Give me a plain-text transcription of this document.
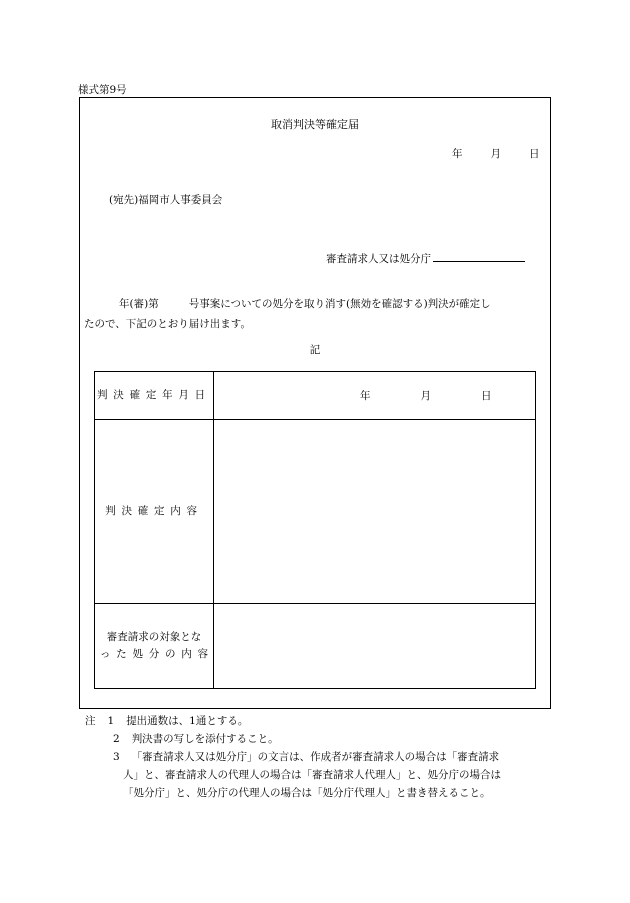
様式第9号
取消判決等確定届
年	月	日
(宛先)福岡市人事委員会
審査請求人又は処分庁
年(審)第	号事案についての処分を取り消す(無効を確認する)判決が確定し
たので、下記のとおり届け出ます。
記
判決確定年月日	年 月 日
判決確定内容	

審査請求の対象とな
った処分の内容	

注 1 提出通数は、1通とする。
2 判決書の写しを添付すること。
3 「審査請求人又は処分庁」の文言は、作成者が審査請求人の場合は「審査請求
人」と、審査請求人の代理人の場合は「審査請求人代理人」と、処分庁の場合は
「処分庁」と、処分庁の代理人の場合は「処分庁代理人」と書き替えること。
